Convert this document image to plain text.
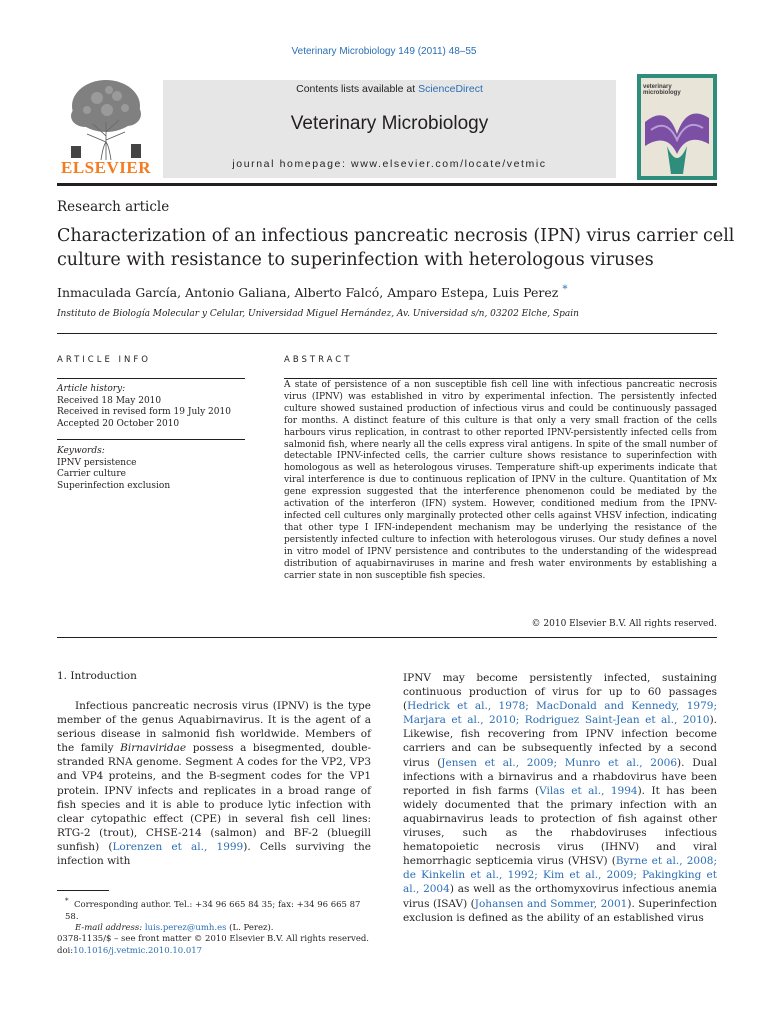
Veterinary Microbiology 149 (2011) 48–55
ELSEVIER
Contents lists available at ScienceDirect
Veterinary Microbiology
journal homepage: www.elsevier.com/locate/vetmic
veterinary microbiology
Research article
Characterization of an infectious pancreatic necrosis (IPN) virus carrier cell culture with resistance to superinfection with heterologous viruses
Inmaculada García, Antonio Galiana, Alberto Falcó, Amparo Estepa, Luis Perez *
Instituto de Biología Molecular y Celular, Universidad Miguel Hernández, Av. Universidad s/n, 03202 Elche, Spain
ARTICLE INFO
Article history:
Received 18 May 2010
Received in revised form 19 July 2010
Accepted 20 October 2010
Keywords:
IPNV persistence
Carrier culture
Superinfection exclusion
ABSTRACT
A state of persistence of a non susceptible fish cell line with infectious pancreatic necrosis virus (IPNV) was established in vitro by experimental infection. The persistently infected culture showed sustained production of infectious virus and could be continuously passaged for months. A distinct feature of this culture is that only a very small fraction of the cells harbours virus replication, in contrast to other reported IPNV-persistently infected cells from salmonid fish, where nearly all the cells express viral antigens. In spite of the small number of detectable IPNV-infected cells, the carrier culture shows resistance to superinfection with homologous as well as heterologous viruses. Temperature shift-up experiments indicate that viral interference is due to continuous replication of IPNV in the culture. Quantitation of Mx gene expression suggested that the interference phenomenon could be mediated by the activation of the interferon (IFN) system. However, conditioned medium from the IPNV-infected cell cultures only marginally protected other cells against VHSV infection, indicating that other type I IFN-independent mechanism may be underlying the resistance of the persistently infected culture to infection with heterologous viruses. Our study defines a novel in vitro model of IPNV persistence and contributes to the understanding of the widespread distribution of aquabirnaviruses in marine and fresh water environments by establishing a carrier state in non susceptible fish species.
© 2010 Elsevier B.V. All rights reserved.
1. Introduction
Infectious pancreatic necrosis virus (IPNV) is the type member of the genus Aquabirnavirus. It is the agent of a serious disease in salmonid fish worldwide. Members of the family Birnaviridae possess a bisegmented, double-stranded RNA genome. Segment A codes for the VP2, VP3 and VP4 proteins, and the B-segment codes for the VP1 protein. IPNV infects and replicates in a broad range of fish species and it is able to produce lytic infection with clear cytopathic effect (CPE) in several fish cell lines: RTG-2 (trout), CHSE-214 (salmon) and BF-2 (bluegill sunfish) (Lorenzen et al., 1999). Cells surviving the infection with
IPNV may become persistently infected, sustaining continuous production of virus for up to 60 passages (Hedrick et al., 1978; MacDonald and Kennedy, 1979; Marjara et al., 2010; Rodriguez Saint-Jean et al., 2010). Likewise, fish recovering from IPNV infection become carriers and can be subsequently infected by a second virus (Jensen et al., 2009; Munro et al., 2006). Dual infections with a birnavirus and a rhabdovirus have been reported in fish farms (Vilas et al., 1994). It has been widely documented that the primary infection with an aquabirnavirus leads to protection of fish against other viruses, such as the rhabdoviruses infectious hematopoietic necrosis virus (IHNV) and viral hemorrhagic septicemia virus (VHSV) (Byrne et al., 2008; de Kinkelin et al., 1992; Kim et al., 2009; Pakingking et al., 2004) as well as the orthomyxovirus infectious anemia virus (ISAV) (Johansen and Sommer, 2001). Superinfection exclusion is defined as the ability of an established virus
* Corresponding author. Tel.: +34 96 665 84 35; fax: +34 96 665 87 58.
E-mail address: luis.perez@umh.es (L. Perez).
0378-1135/$ – see front matter © 2010 Elsevier B.V. All rights reserved.
doi:10.1016/j.vetmic.2010.10.017
